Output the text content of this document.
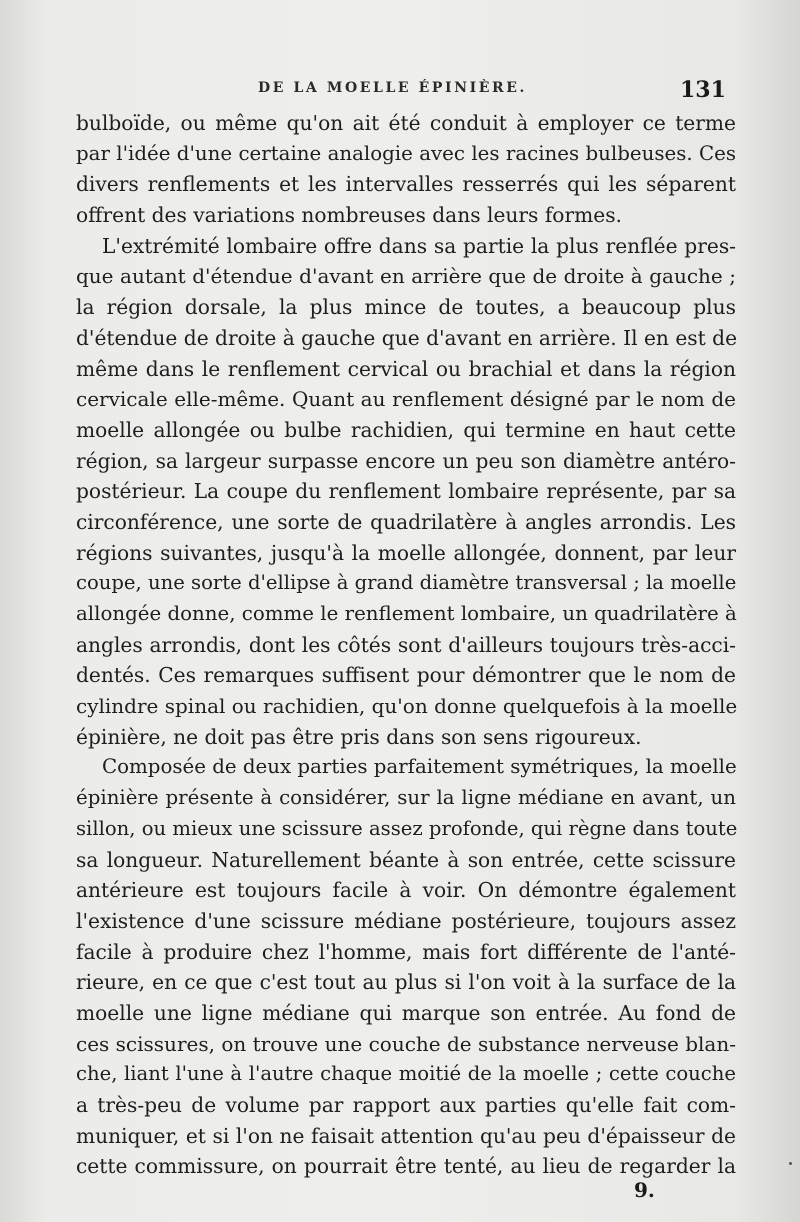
DE LA MOELLE ÉPINIÈRE.	131
bulboïde, ou même qu'on ait été conduit à employer ce terme
par l'idée d'une certaine analogie avec les racines bulbeuses. Ces
divers renflements et les intervalles resserrés qui les séparent
offrent des variations nombreuses dans leurs formes.
L'extrémité lombaire offre dans sa partie la plus renflée pres-
que autant d'étendue d'avant en arrière que de droite à gauche ;
la région dorsale, la plus mince de toutes, a beaucoup plus
d'étendue de droite à gauche que d'avant en arrière. Il en est de
même dans le renflement cervical ou brachial et dans la région
cervicale elle-même. Quant au renflement désigné par le nom de
moelle allongée ou bulbe rachidien, qui termine en haut cette
région, sa largeur surpasse encore un peu son diamètre antéro-
postérieur. La coupe du renflement lombaire représente, par sa
circonférence, une sorte de quadrilatère à angles arrondis. Les
régions suivantes, jusqu'à la moelle allongée, donnent, par leur
coupe, une sorte d'ellipse à grand diamètre transversal ; la moelle
allongée donne, comme le renflement lombaire, un quadrilatère à
angles arrondis, dont les côtés sont d'ailleurs toujours très-acci-
dentés. Ces remarques suffisent pour démontrer que le nom de
cylindre spinal ou rachidien, qu'on donne quelquefois à la moelle
épinière, ne doit pas être pris dans son sens rigoureux.
Composée de deux parties parfaitement symétriques, la moelle
épinière présente à considérer, sur la ligne médiane en avant, un
sillon, ou mieux une scissure assez profonde, qui règne dans toute
sa longueur. Naturellement béante à son entrée, cette scissure
antérieure est toujours facile à voir. On démontre également
l'existence d'une scissure médiane postérieure, toujours assez
facile à produire chez l'homme, mais fort différente de l'anté-
rieure, en ce que c'est tout au plus si l'on voit à la surface de la
moelle une ligne médiane qui marque son entrée. Au fond de
ces scissures, on trouve une couche de substance nerveuse blan-
che, liant l'une à l'autre chaque moitié de la moelle ; cette couche
a très-peu de volume par rapport aux parties qu'elle fait com-
muniquer, et si l'on ne faisait attention qu'au peu d'épaisseur de
cette commissure, on pourrait être tenté, au lieu de regarder la
9.
